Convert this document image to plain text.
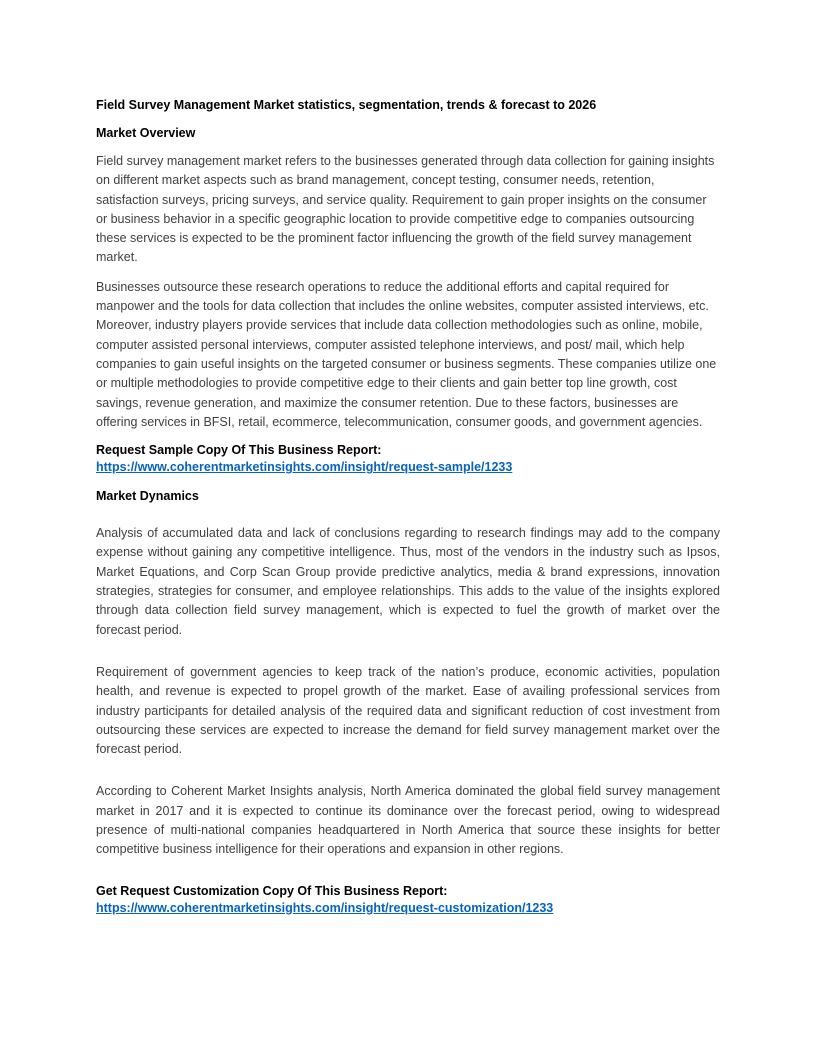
Field Survey Management Market statistics, segmentation, trends & forecast to 2026

Market Overview

Field survey management market refers to the businesses generated through data collection for gaining insights on different market aspects such as brand management, concept testing, consumer needs, retention, satisfaction surveys, pricing surveys, and service quality. Requirement to gain proper insights on the consumer or business behavior in a specific geographic location to provide competitive edge to companies outsourcing these services is expected to be the prominent factor influencing the growth of the field survey management market.

Businesses outsource these research operations to reduce the additional efforts and capital required for manpower and the tools for data collection that includes the online websites, computer assisted interviews, etc. Moreover, industry players provide services that include data collection methodologies such as online, mobile, computer assisted personal interviews, computer assisted telephone interviews, and post/ mail, which help companies to gain useful insights on the targeted consumer or business segments. These companies utilize one or multiple methodologies to provide competitive edge to their clients and gain better top line growth, cost savings, revenue generation, and maximize the consumer retention. Due to these factors, businesses are offering services in BFSI, retail, ecommerce, telecommunication, consumer goods, and government agencies.

Request Sample Copy Of This Business Report:

https://www.coherentmarketinsights.com/insight/request-sample/1233

Market Dynamics

Analysis of accumulated data and lack of conclusions regarding to research findings may add to the company expense without gaining any competitive intelligence. Thus, most of the vendors in the industry such as Ipsos, Market Equations, and Corp Scan Group provide predictive analytics, media & brand expressions, innovation strategies, strategies for consumer, and employee relationships. This adds to the value of the insights explored through data collection field survey management, which is expected to fuel the growth of market over the forecast period.

Requirement of government agencies to keep track of the nation’s produce, economic activities, population health, and revenue is expected to propel growth of the market. Ease of availing professional services from industry participants for detailed analysis of the required data and significant reduction of cost investment from outsourcing these services are expected to increase the demand for field survey management market over the forecast period.

According to Coherent Market Insights analysis, North America dominated the global field survey management market in 2017 and it is expected to continue its dominance over the forecast period, owing to widespread presence of multi-national companies headquartered in North America that source these insights for better competitive business intelligence for their operations and expansion in other regions.

Get Request Customization Copy Of This Business Report:

https://www.coherentmarketinsights.com/insight/request-customization/1233
